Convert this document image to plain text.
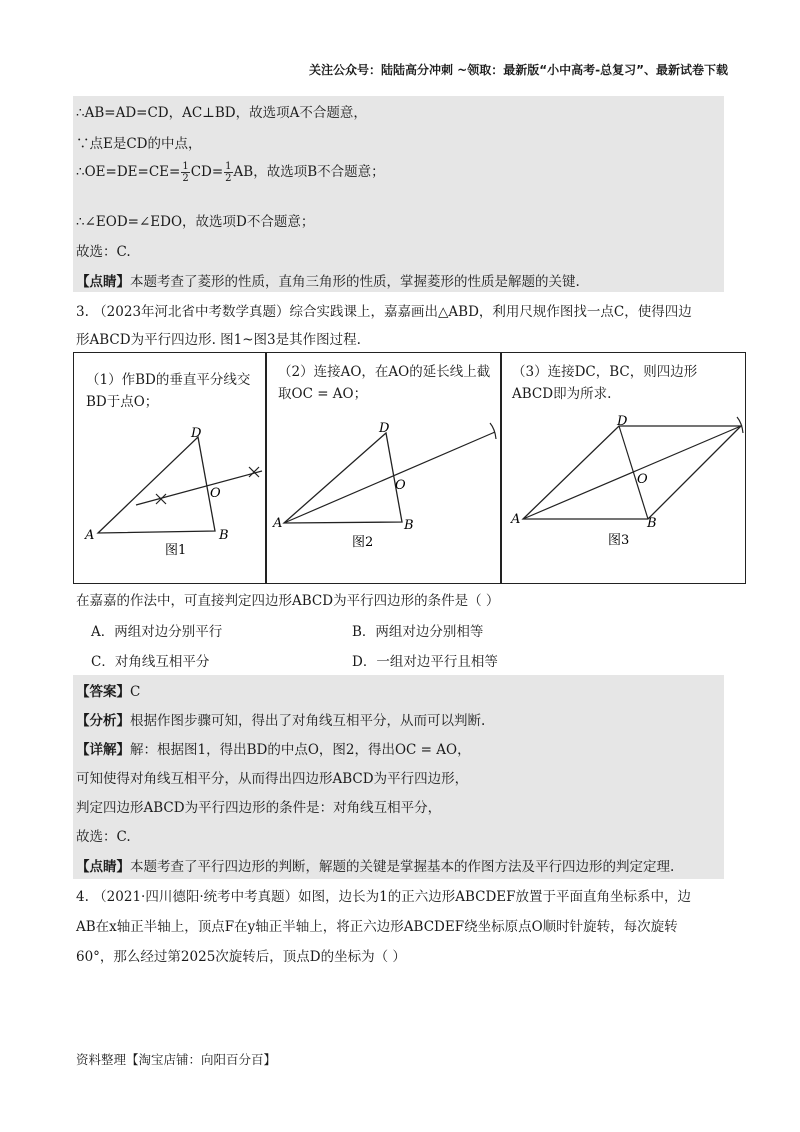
关注公众号：陆陆高分冲刺 ~领取：最新版“小中高考-总复习”、最新试卷下载
∴AB=AD=CD，AC⊥BD，故选项A不合题意，
∵点E是CD的中点，
∴OE=DE=CE= $\frac{1}{2} CD= \frac{1}{2}$ AB，故选项B不合题意；
∴∠EOD=∠EDO，故选项D不合题意；
故选：C.
【点睛】本题考查了菱形的性质，直角三角形的性质，掌握菱形的性质是解题的关键.
3. （2023年河北省中考数学真题）综合实践课上，嘉嘉画出△ABD，利用尺规作图找一点C，使得四边
形ABCD为平行四边形. 图1~图3是其作图过程.
（1）作BD的垂直平分线交BD于点O；
D
O
A	B
图1
（2）连接AO，在AO的延长线上截取OC = AO；
D
O
A	B
图2
（3）连接DC，BC，则四边形ABCD即为所求.
D
O
A	B
图3
在嘉嘉的作法中，可直接判定四边形ABCD为平行四边形的条件是（ ）
A．两组对边分别平行	B．两组对边分别相等
C．对角线互相平分	D．一组对边平行且相等
【答案】C
【分析】根据作图步骤可知，得出了对角线互相平分，从而可以判断.
【详解】解：根据图1，得出BD的中点O，图2，得出OC = AO，
可知使得对角线互相平分，从而得出四边形ABCD为平行四边形，
判定四边形ABCD为平行四边形的条件是：对角线互相平分，
故选：C.
【点睛】本题考查了平行四边形的判断，解题的关键是掌握基本的作图方法及平行四边形的判定定理.
4. （2021·四川德阳·统考中考真题）如图，边长为1的正六边形ABCDEF放置于平面直角坐标系中，边
AB在x轴正半轴上，顶点F在y轴正半轴上，将正六边形ABCDEF绕坐标原点O顺时针旋转，每次旋转
60°，那么经过第2025次旋转后，顶点D的坐标为（ ）
资料整理【淘宝店铺：向阳百分百】
